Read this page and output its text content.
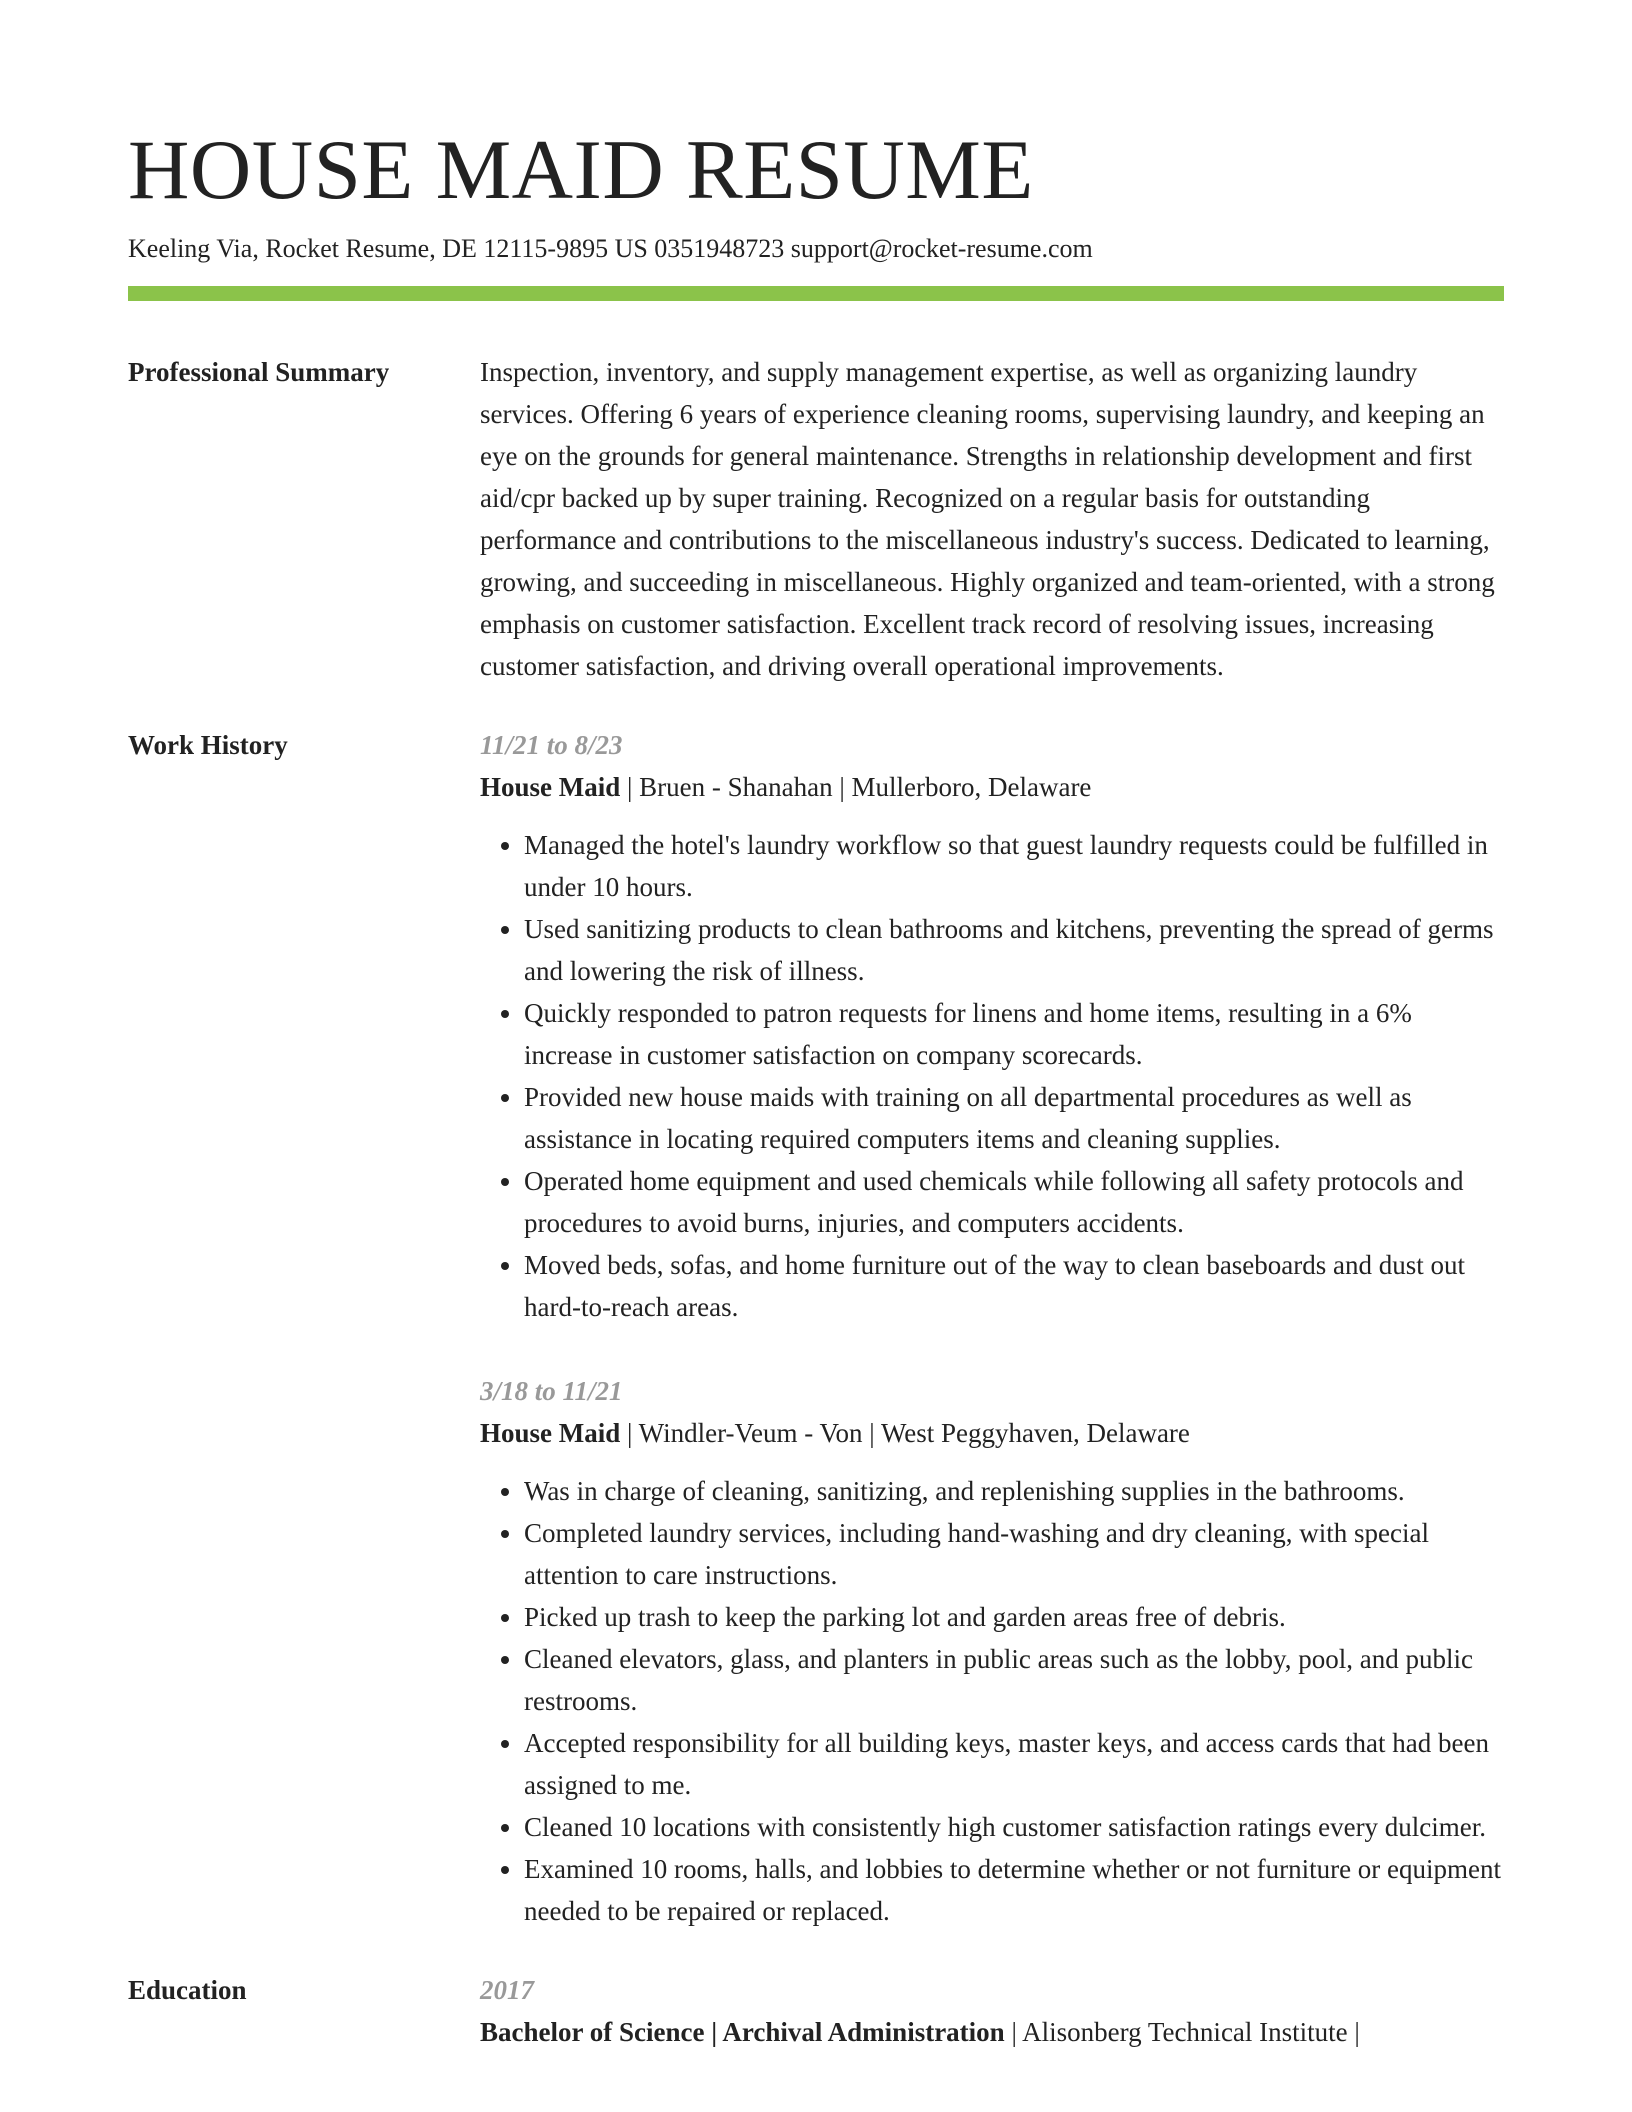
HOUSE MAID RESUME
Keeling Via, Rocket Resume, DE 12115-9895 US 0351948723 support@rocket-resume.com
Professional Summary	Inspection, inventory, and supply management expertise, as well as organizing laundry services. Offering 6 years of experience cleaning rooms, supervising laundry, and keeping an eye on the grounds for general maintenance. Strengths in relationship development and first aid/cpr backed up by super training. Recognized on a regular basis for outstanding performance and contributions to the miscellaneous industry's success. Dedicated to learning, growing, and succeeding in miscellaneous. Highly organized and team-oriented, with a strong emphasis on customer satisfaction. Excellent track record of resolving issues, increasing customer satisfaction, and driving overall operational improvements.

Work History	11/21 to 8/23
House Maid | Bruen - Shanahan | Mullerboro, Delaware
• Managed the hotel's laundry workflow so that guest laundry requests could be fulfilled in under 10 hours.
• Used sanitizing products to clean bathrooms and kitchens, preventing the spread of germs and lowering the risk of illness.
• Quickly responded to patron requests for linens and home items, resulting in a 6% increase in customer satisfaction on company scorecards.
• Provided new house maids with training on all departmental procedures as well as assistance in locating required computers items and cleaning supplies.
• Operated home equipment and used chemicals while following all safety protocols and procedures to avoid burns, injuries, and computers accidents.
• Moved beds, sofas, and home furniture out of the way to clean baseboards and dust out hard-to-reach areas.
3/18 to 11/21
House Maid | Windler-Veum - Von | West Peggyhaven, Delaware
• Was in charge of cleaning, sanitizing, and replenishing supplies in the bathrooms.
• Completed laundry services, including hand-washing and dry cleaning, with special attention to care instructions.
• Picked up trash to keep the parking lot and garden areas free of debris.
• Cleaned elevators, glass, and planters in public areas such as the lobby, pool, and public restrooms.
• Accepted responsibility for all building keys, master keys, and access cards that had been assigned to me.
• Cleaned 10 locations with consistently high customer satisfaction ratings every dulcimer.
• Examined 10 rooms, halls, and lobbies to determine whether or not furniture or equipment needed to be repaired or replaced.
Education	2017
Bachelor of Science | Archival Administration | Alisonberg Technical Institute |
